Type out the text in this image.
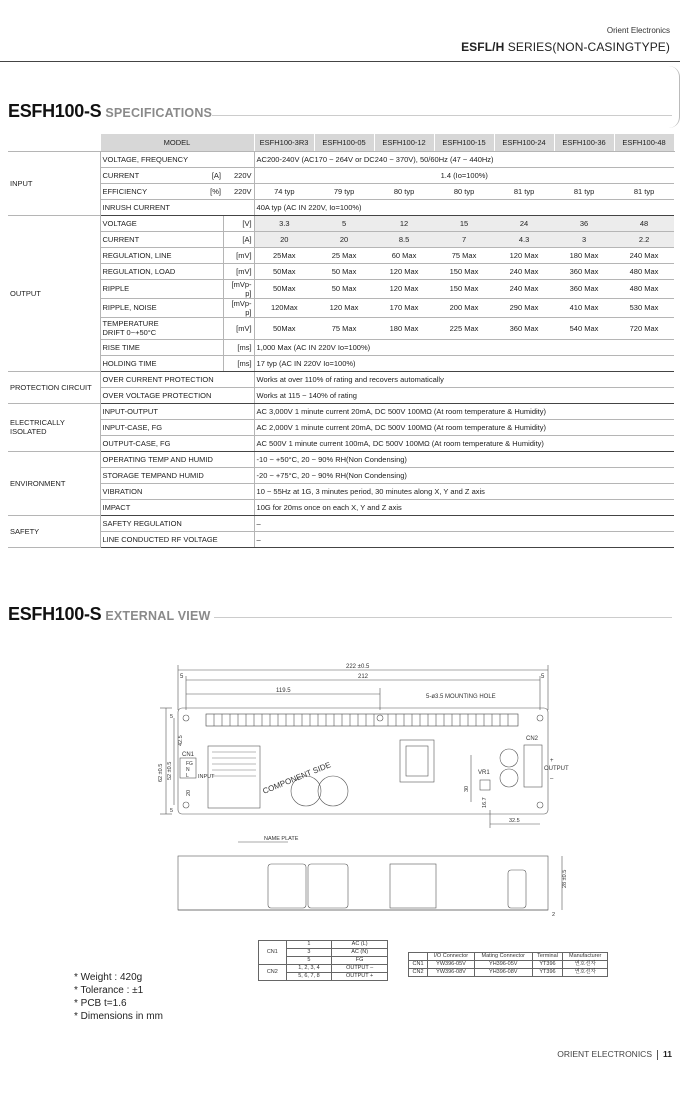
Orient Electronics
ESFL/H SERIES(NON-CASINGTYPE)
ESFH100-S SPECIFICATIONS
	MODEL		ESFH100-3R3	ESFH100-05	ESFH100-12	ESFH100-15	ESFH100-24	ESFH100-36	ESFH100-48
INPUT	VOLTAGE, FREQUENCY		AC200-240V (AC170 ~ 264V or DC240 ~ 370V), 50/60Hz (47 ~ 440Hz)						

	CURRENT [A]	220V	1.4 (Io=100%)						

	EFFICIENCY [%]	220V	74 typ	79 typ	80 typ	80 typ	81 typ	81 typ	81 typ
	INRUSH CURRENT		40A typ (AC IN 220V, Io=100%)						
OUTPUT	VOLTAGE	[V]	3.3	5	12	15	24	36	48
	CURRENT	[A]	20	20	8.5	7	4.3	3	2.2
	REGULATION, LINE	[mV]	25Max	25 Max	60 Max	75 Max	120 Max	180 Max	240 Max
	REGULATION, LOAD	[mV]	50Max	50 Max	120 Max	150 Max	240 Max	360 Max	480 Max
	RIPPLE	[mVp-p]	50Max	50 Max	120 Max	150 Max	240 Max	360 Max	480 Max
	RIPPLE, NOISE	[mVp-p]	120Max	120 Max	170 Max	200 Max	290 Max	410 Max	530 Max
	TEMPERATURE
DRIFT 0~+50°C	[mV]	50Max	75 Max	180 Max	225 Max	360 Max	540 Max	720 Max
	RISE TIME	[ms]	1,000 Max (AC IN 220V Io=100%)						
	HOLDING TIME	[ms]	17 typ (AC IN 220V Io=100%)						
PROTECTION CIRCUIT	OVER CURRENT PROTECTION		Works at over 110% of rating and recovers automatically						
	OVER VOLTAGE PROTECTION		Works at 115 ~ 140% of rating						
ELECTRICALLY
ISOLATED	INPUT-OUTPUT		AC 3,000V 1 minute current 20mA, DC 500V 100MΩ (At room temperature & Humidity)						
	INPUT-CASE, FG		AC 2,000V 1 minute current 20mA, DC 500V 100MΩ (At room temperature & Humidity)						
	OUTPUT-CASE, FG		AC 500V 1 minute current 100mA, DC 500V 100MΩ (At room temperature & Humidity)						
ENVIRONMENT	OPERATING TEMP AND HUMID		-10 ~ +50°C, 20 ~ 90% RH(Non Condensing)						
	STORAGE TEMPAND HUMID		-20 ~ +75°C, 20 ~ 90% RH(Non Condensing)						
	VIBRATION		10 ~ 55Hz at 1G, 3 minutes period, 30 minutes along X, Y and Z axis						
	IMPACT		10G for 20ms once on each X, Y and Z axis						
SAFETY	SAFETY REGULATION		–						
	LINE CONDUCTED RF VOLTAGE		–						
ESFH100-S EXTERNAL VIEW
222 ±0.5
212
5	5
119.5
5-ø3.5 MOUNTING HOLE
CN1
FG
N
L INPUT
CN2
OUTPUT
+
–
VR1
COMPONENT SIDE
62 ±0.5 52 ±0.5
42.5
20
5
5
30
16.7
32.5
NAME PLATE
28 ±0.5
2
CN1	1	AC (L)
	3	AC (N)
	5	FG
CN2	1, 2, 3, 4	OUTPUT –
	5, 6, 7, 8	OUTPUT +
	I/O Connector	Mating Connector	Terminal	Manufacturer
CN1	YW396-05V	YH396-05V	YT396	연호전자
CN2	YW396-08V	YH396-08V	YT396	연호전자
* Weight : 420g
* Tolerance : ±1
* PCB t=1.6
* Dimensions in mm
ORIENT ELECTRONICS 11
